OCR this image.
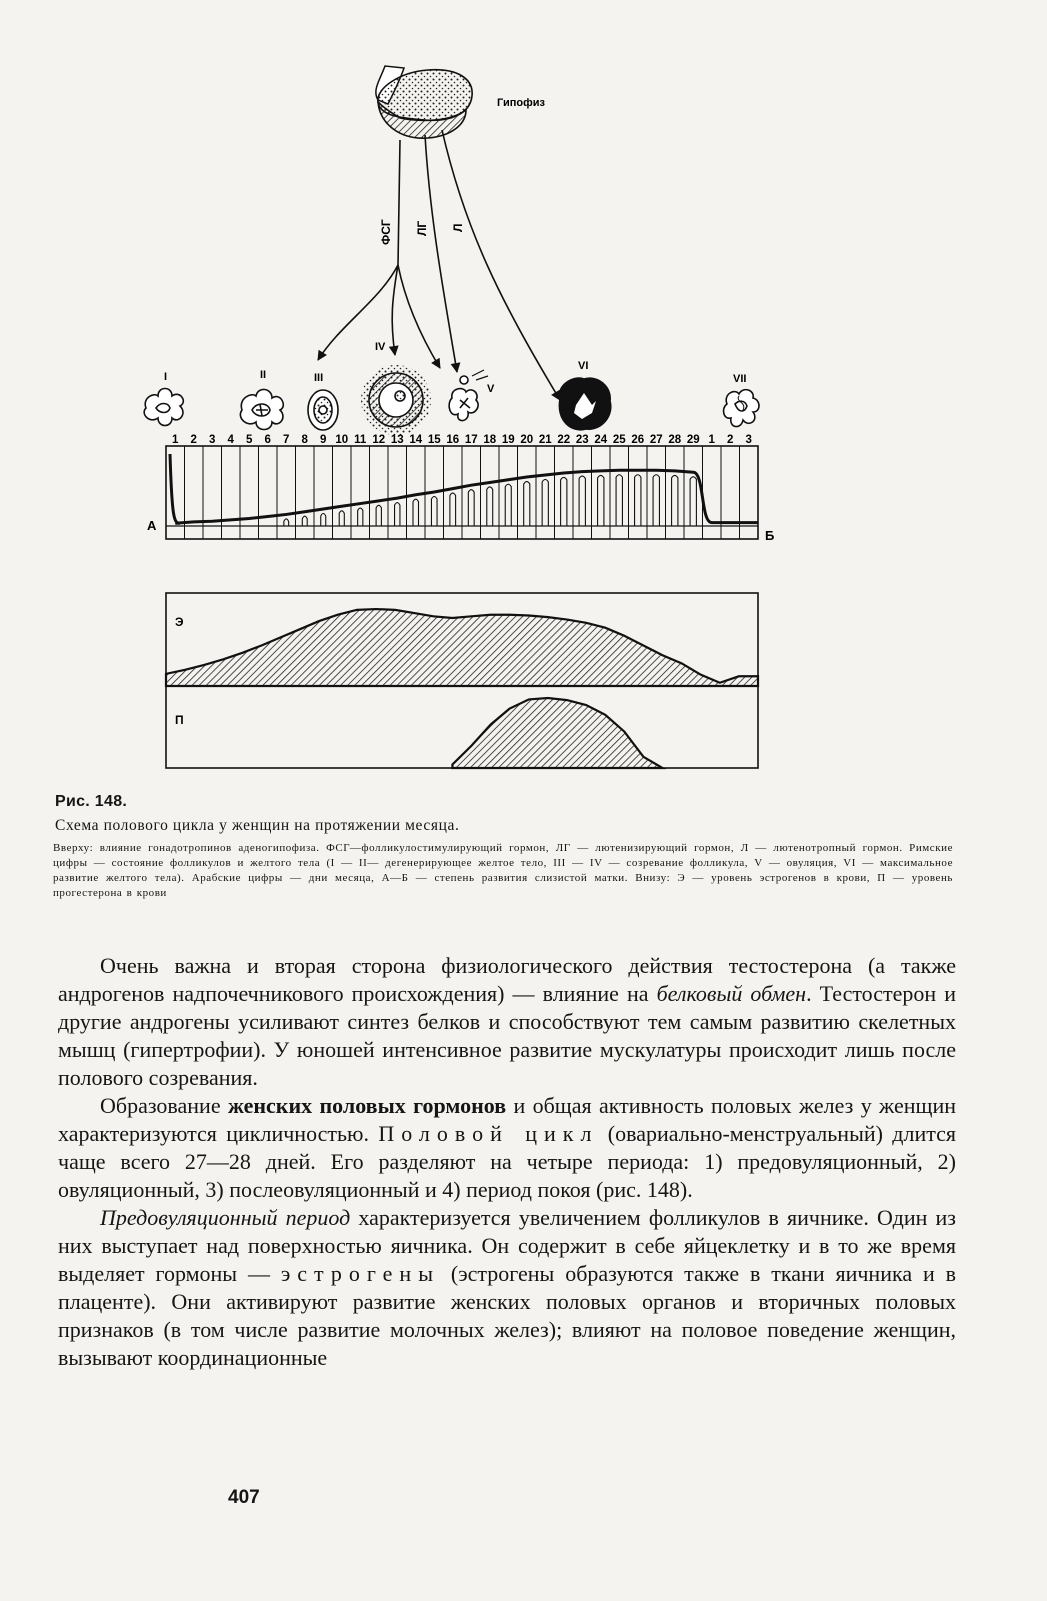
Гипофиз
ФСГ ЛГ Л
I	II	III
IV
V
VI
VII
1 2 3 4 5 6 7 8 9 10 11 12 13 14 15 16 17 18 19 20 21 22 23 24 25 26 27 28 29 1 2 3
А
Б
Э
П
Рис. 148.
Схема полового цикла у женщин на протяжении месяца.
Вверху: влияние гонадотропинов аденогипофиза. ФСГ—фолликулостимулирующий гормон, ЛГ — лютенизирующий гормон, Л — лютенотропный гормон. Римские цифры — состояние фолликулов и желтого тела (I — II— дегенерирующее желтое тело, III — IV — созревание фолликула, V — овуляция, VI — максимальное развитие желтого тела). Арабские цифры — дни месяца, А—Б — степень развития слизистой матки. Внизу: Э — уровень эстрогенов в крови, П — уровень прогестерона в крови

Очень важна и вторая сторона физиологического действия тестостерона (а также андрогенов надпочечникового происхождения) — влияние на белковый обмен. Тестостерон и другие андрогены усиливают синтез белков и способствуют тем самым развитию скелетных мышц (гипертрофии). У юношей интенсивное развитие мускулатуры происходит лишь после полового созревания.

Образование женских половых гормонов и общая активность половых желез у женщин характеризуются цикличностью. Половой цикл (овариально-менструальный) длится чаще всего 27—28 дней. Его разделяют на четыре периода: 1) предовуляционный, 2) овуляционный, 3) послеовуляционный и 4) период покоя (рис. 148).

Предовуляционный период характеризуется увеличением фолликулов в яичнике. Один из них выступает над поверхностью яичника. Он содержит в себе яйцеклетку и в то же время выделяет гормоны — эстрогены (эстрогены образуются также в ткани яичника и в плаценте). Они активируют развитие женских половых органов и вторичных половых признаков (в том числе развитие молочных желез); влияют на половое поведение женщин, вызывают координационные

407
